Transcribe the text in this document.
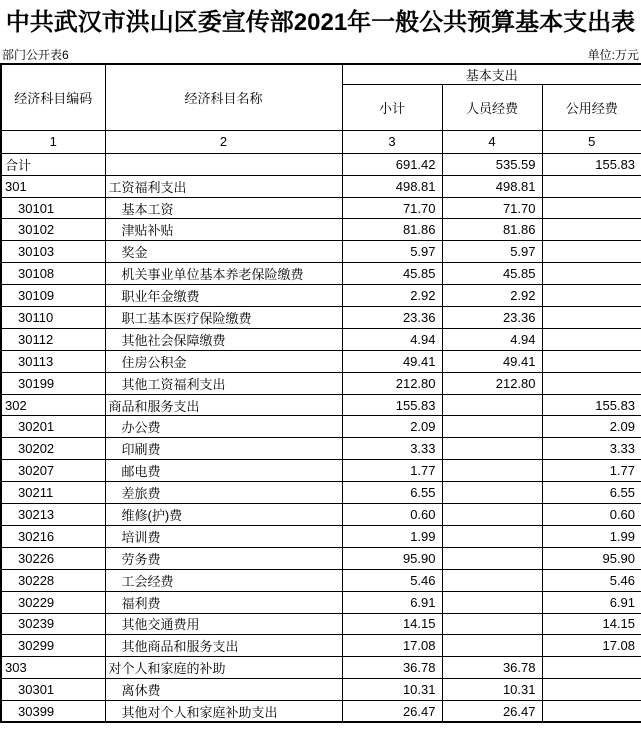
中共武汉市洪山区委宣传部2021年一般公共预算基本支出表
部门公开表6	单位:万元
经济科目编码	经济科目名称	基本支出		
		小计	人员经费	公用经费
1	2	3	4	5
合计		691.42	535.59	155.83
301	工资福利支出	498.81	498.81	
30101	基本工资	71.70	71.70	
30102	津贴补贴	81.86	81.86	
30103	奖金	5.97	5.97	
30108	机关事业单位基本养老保险缴费	45.85	45.85	
30109	职业年金缴费	2.92	2.92	
30110	职工基本医疗保险缴费	23.36	23.36	
30112	其他社会保障缴费	4.94	4.94	
30113	住房公积金	49.41	49.41	
30199	其他工资福利支出	212.80	212.80	
302	商品和服务支出	155.83		155.83
30201	办公费	2.09		2.09
30202	印刷费	3.33		3.33
30207	邮电费	1.77		1.77
30211	差旅费	6.55		6.55
30213	维修(护)费	0.60		0.60
30216	培训费	1.99		1.99
30226	劳务费	95.90		95.90
30228	工会经费	5.46		5.46
30229	福利费	6.91		6.91
30239	其他交通费用	14.15		14.15
30299	其他商品和服务支出	17.08		17.08
303	对个人和家庭的补助	36.78	36.78	
30301	离休费	10.31	10.31	
30399	其他对个人和家庭补助支出	26.47	26.47	
